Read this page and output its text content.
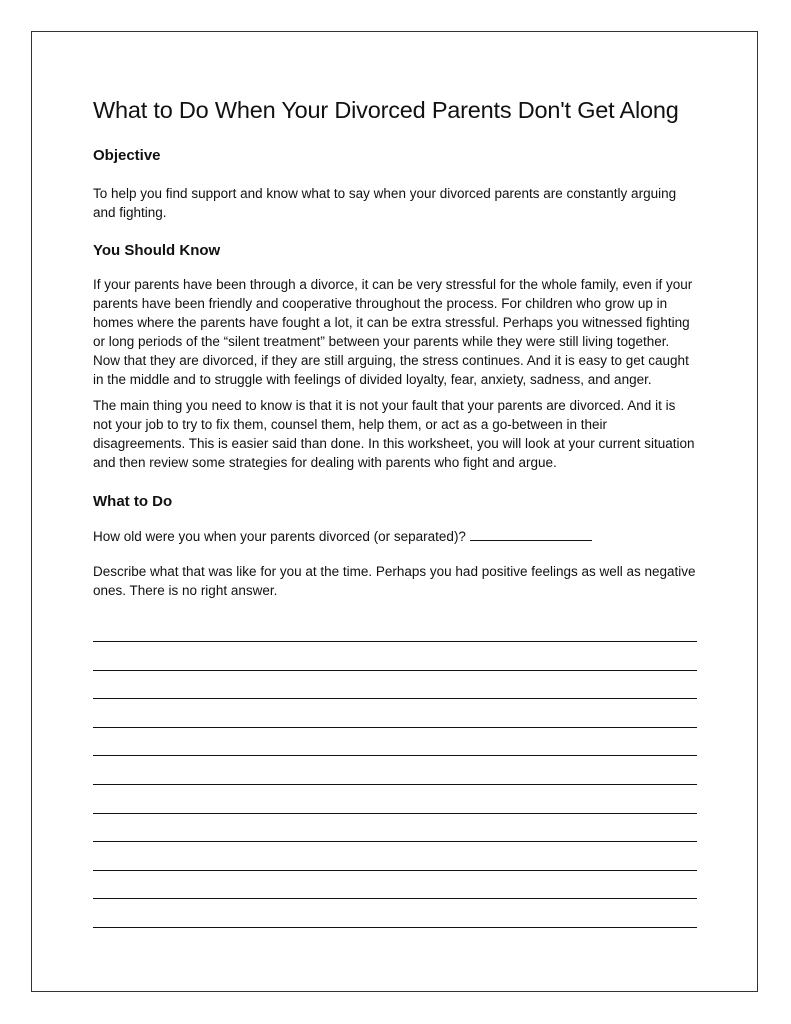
What to Do When Your Divorced Parents Don't Get Along
Objective

To help you find support and know what to say when your divorced parents are constantly arguing and fighting.

You Should Know

If your parents have been through a divorce, it can be very stressful for the whole family, even if your parents have been friendly and cooperative throughout the process. For children who grow up in homes where the parents have fought a lot, it can be extra stressful. Perhaps you witnessed fighting or long periods of the “silent treatment” between your parents while they were still living together. Now that they are divorced, if they are still arguing, the stress continues. And it is easy to get caught in the middle and to struggle with feelings of divided loyalty, fear, anxiety, sadness, and anger.

The main thing you need to know is that it is not your fault that your parents are divorced. And it is not your job to try to fix them, counsel them, help them, or act as a go-between in their disagreements. This is easier said than done. In this worksheet, you will look at your current situation and then review some strategies for dealing with parents who fight and argue.

What to Do

How old were you when your parents divorced (or separated)?

Describe what that was like for you at the time. Perhaps you had positive feelings as well as negative ones. There is no right answer.
